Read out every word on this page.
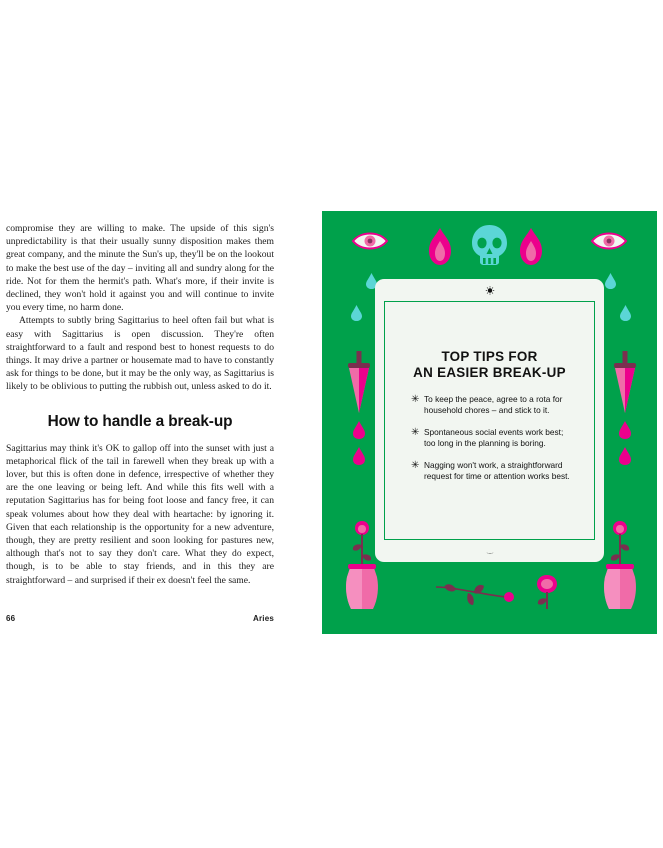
compromise they are willing to make. The upside of this sign's unpredictability is that their usually sunny disposition makes them great company, and the minute the Sun's up, they'll be on the lookout to make the best use of the day – inviting all and sundry along for the ride. Not for them the hermit's path. What's more, if their invite is declined, they won't hold it against you and will continue to invite you every time, no harm done.

Attempts to subtly bring Sagittarius to heel often fail but what is easy with Sagittarius is open discussion. They're often straightforward to a fault and respond best to honest requests to do things. It may drive a partner or housemate mad to have to constantly ask for things to be done, but it may be the only way, as Sagittarius is likely to be oblivious to putting the rubbish out, unless asked to do it.

How to handle a break-up

Sagittarius may think it's OK to gallop off into the sunset with just a metaphorical flick of the tail in farewell when they break up with a lover, but this is often done in defence, irrespective of whether they are the one leaving or being left. And while this fits well with a reputation Sagittarius has for being foot loose and fancy free, it can speak volumes about how they deal with heartache: by ignoring it. Given that each relationship is the opportunity for a new adventure, though, they are pretty resilient and soon looking for pastures new, although that's not to say they don't care. What they do expect, though, is to be able to stay friends, and in this they are straightforward – and surprised if their ex doesn't feel the same.

66	Aries
TOP TIPS FOR
AN EASIER BREAK-UP
✳ To keep the peace, agree to a rota for household chores – and stick to it.
✳ Spontaneous social events work best; too long in the planning is boring.
✳ Nagging won't work, a straightforward request for time or attention works best.
